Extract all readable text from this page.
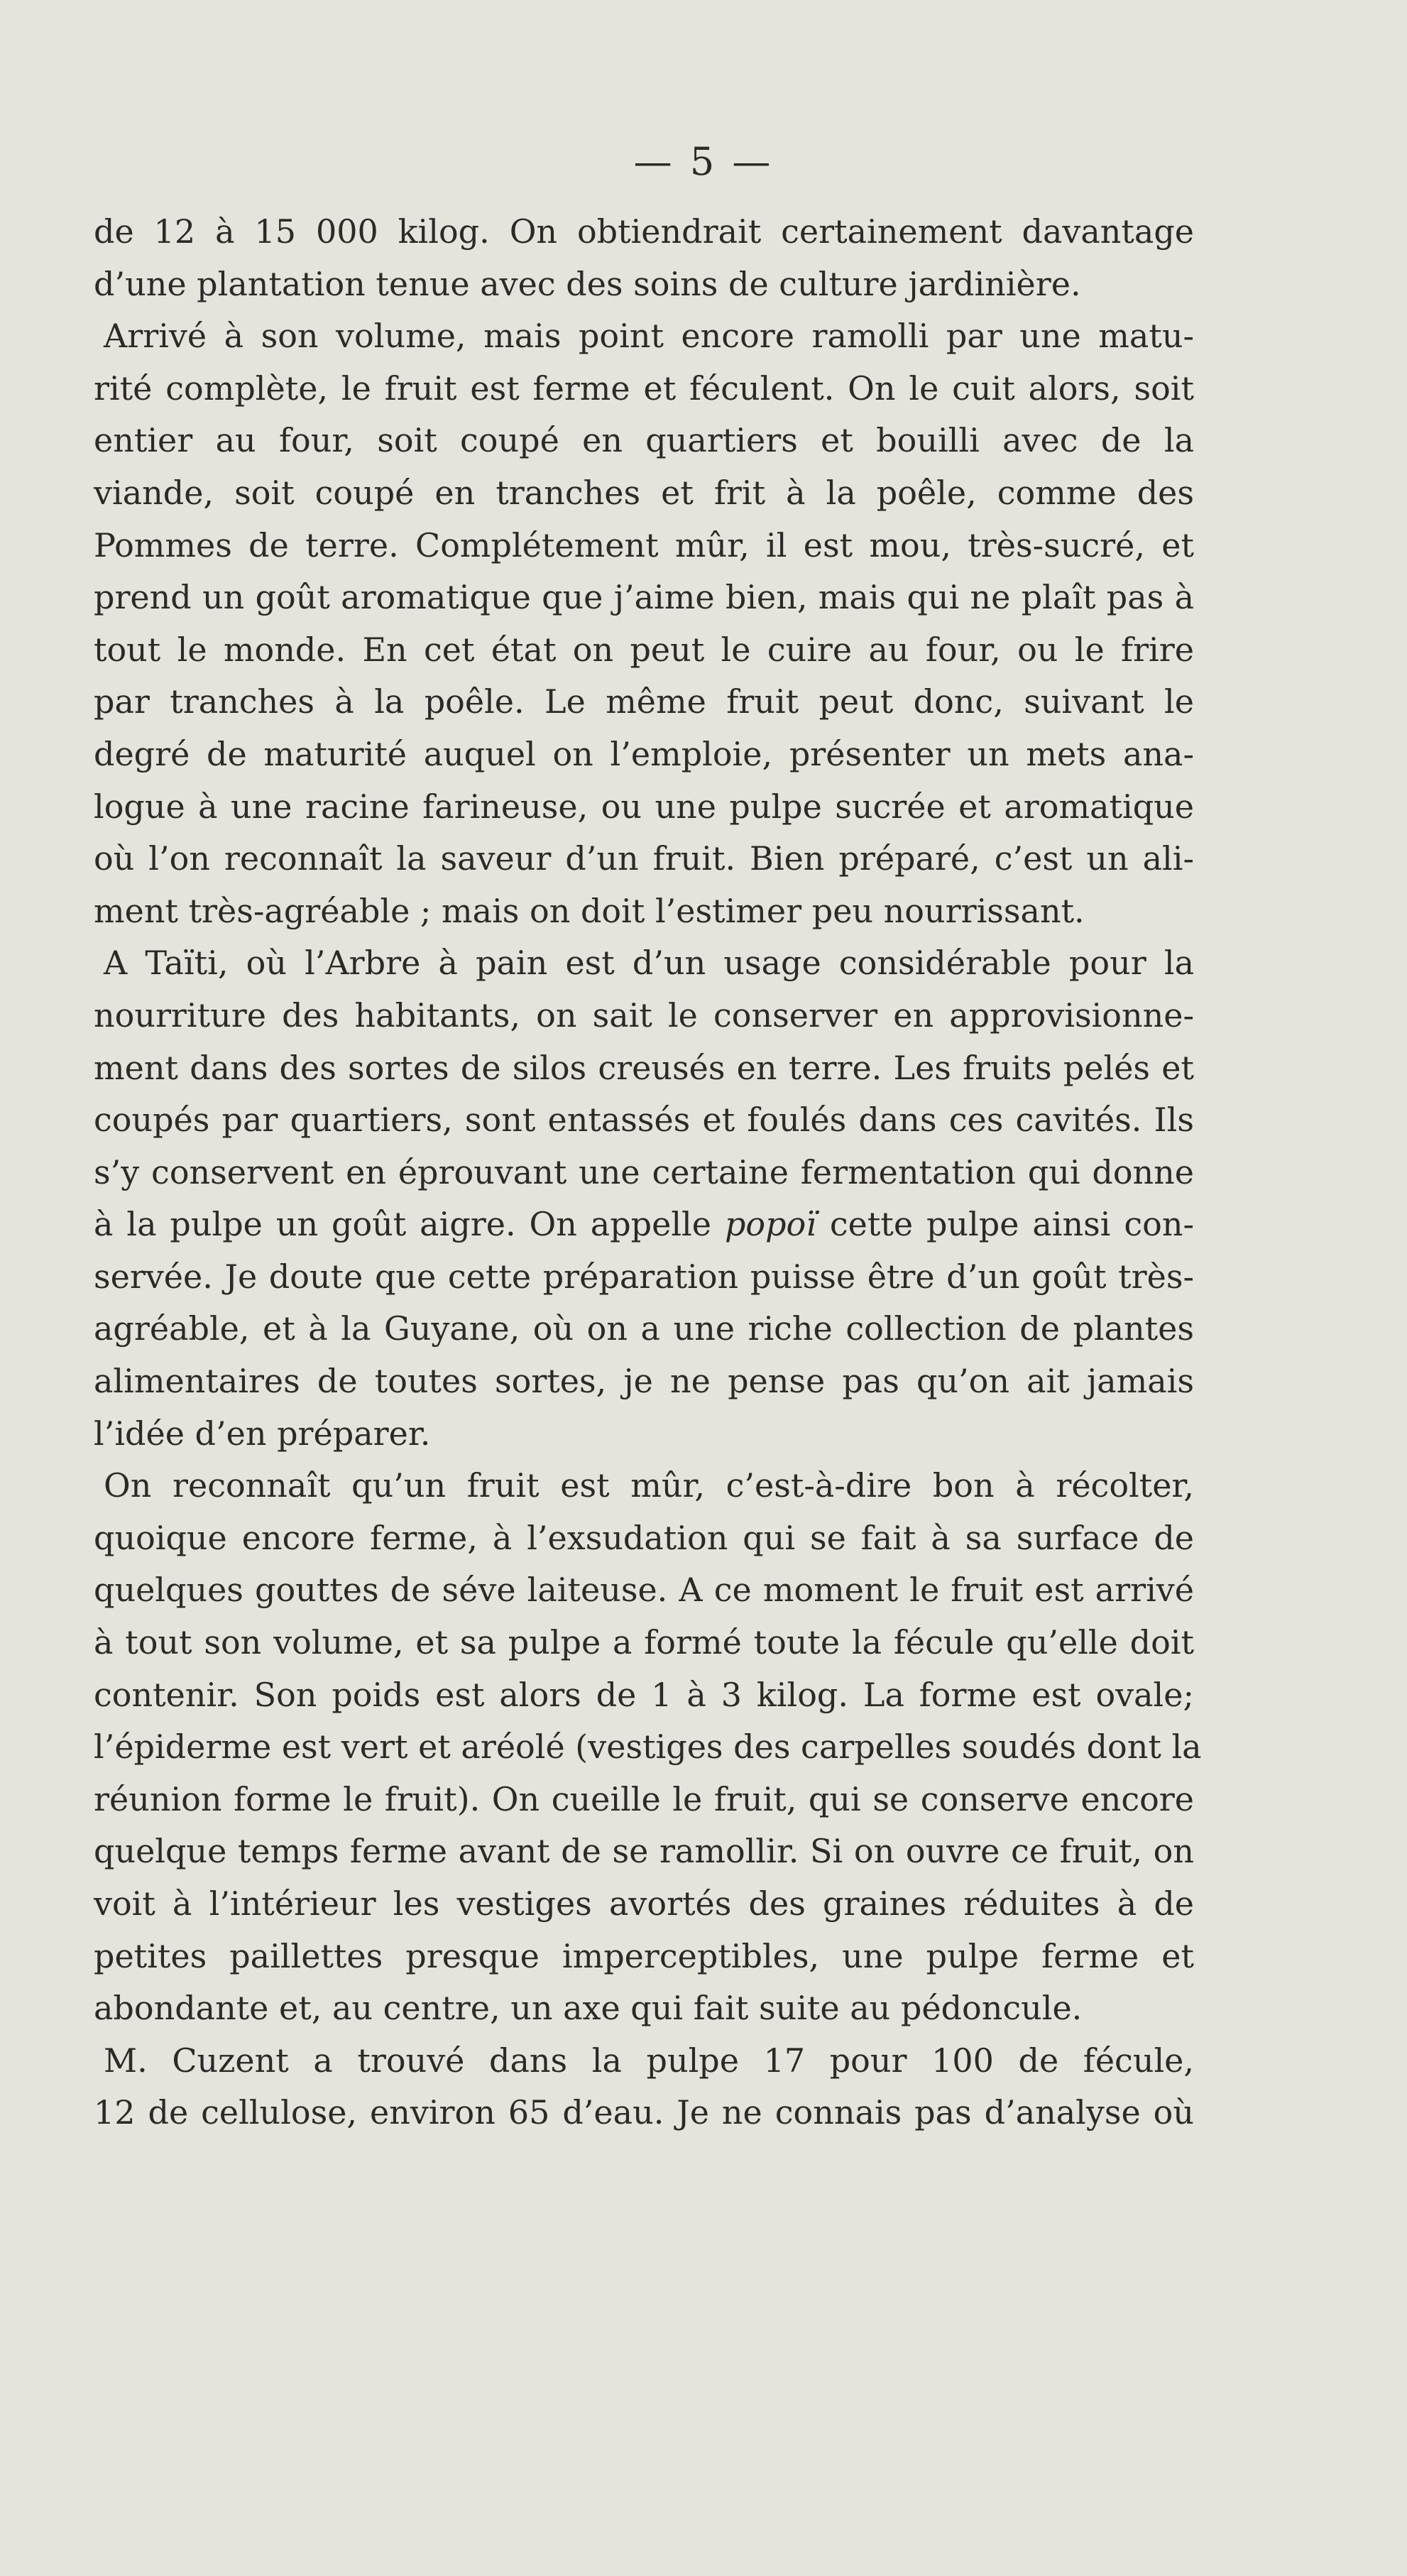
— 5 —

de 12 à 15 000 kilog. On obtiendrait certainement davantage
d’une plantation tenue avec des soins de culture jardinière.

Arrivé à son volume, mais point encore ramolli par une matu-
rité complète, le fruit est ferme et féculent. On le cuit alors, soit
entier au four, soit coupé en quartiers et bouilli avec de la
viande, soit coupé en tranches et frit à la poêle, comme des
Pommes de terre. Complétement mûr, il est mou, très-sucré, et
prend un goût aromatique que j’aime bien, mais qui ne plaît pas à
tout le monde. En cet état on peut le cuire au four, ou le frire
par tranches à la poêle. Le même fruit peut donc, suivant le
degré de maturité auquel on l’emploie, présenter un mets ana-
logue à une racine farineuse, ou une pulpe sucrée et aromatique
où l’on reconnaît la saveur d’un fruit. Bien préparé, c’est un ali-
ment très-agréable ; mais on doit l’estimer peu nourrissant.

A Taïti, où l’Arbre à pain est d’un usage considérable pour la
nourriture des habitants, on sait le conserver en approvisionne-
ment dans des sortes de silos creusés en terre. Les fruits pelés et
coupés par quartiers, sont entassés et foulés dans ces cavités. Ils
s’y conservent en éprouvant une certaine fermentation qui donne
à la pulpe un goût aigre. On appelle popoï cette pulpe ainsi con-
servée. Je doute que cette préparation puisse être d’un goût très-
agréable, et à la Guyane, où on a une riche collection de plantes
alimentaires de toutes sortes, je ne pense pas qu’on ait jamais
l’idée d’en préparer.

On reconnaît qu’un fruit est mûr, c’est-à-dire bon à récolter,
quoique encore ferme, à l’exsudation qui se fait à sa surface de
quelques gouttes de séve laiteuse. A ce moment le fruit est arrivé
à tout son volume, et sa pulpe a formé toute la fécule qu’elle doit
contenir. Son poids est alors de 1 à 3 kilog. La forme est ovale;
l’épiderme est vert et aréolé (vestiges des carpelles soudés dont la
réunion forme le fruit). On cueille le fruit, qui se conserve encore
quelque temps ferme avant de se ramollir. Si on ouvre ce fruit, on
voit à l’intérieur les vestiges avortés des graines réduites à de
petites paillettes presque imperceptibles, une pulpe ferme et
abondante et, au centre, un axe qui fait suite au pédoncule.

M. Cuzent a trouvé dans la pulpe 17 pour 100 de fécule,
12 de cellulose, environ 65 d’eau. Je ne connais pas d’analyse où
